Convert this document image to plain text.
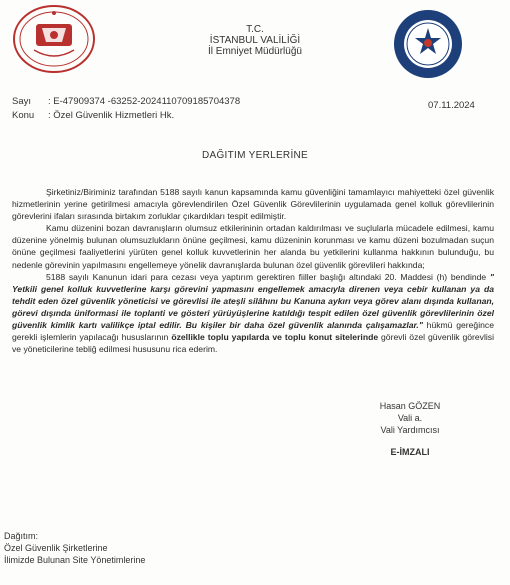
T.C.
İSTANBUL VALİLİĞİ
İl Emniyet Müdürlüğü
Sayı : E-47909374 -63252-2024110709185704378
Konu : Özel Güvenlik Hizmetleri Hk.
07.11.2024
DAĞITIM YERLERİNE

Şirketiniz/Biriminiz tarafından 5188 sayılı kanun kapsamında kamu güvenliğini tamamlayıcı mahiyetteki özel güvenlik hizmetlerinin yerine getirilmesi amacıyla görevlendirilen Özel Güvenlik Görevlilerinin uygulamada genel kolluk görevlilerinin görevlerini ifaları sırasında birtakım zorluklar çıkardıkları tespit edilmiştir.

Kamu düzenini bozan davranışların olumsuz etkilerininin ortadan kaldırılması ve suçlularla mücadele edilmesi, kamu düzenine yönelmiş bulunan olumsuzlukların önüne geçilmesi, kamu düzeninin korunması ve kamu düzeni bozulmadan suçun önüne geçilmesi faaliyetlerini yürüten genel kolluk kuvvetlerinin her alanda bu yetkilerini kullanma hakkının bulunduğu, bu nedenle görevinin yapılmasını engellemeye yönelik davranışlarda bulunan özel güvenlik görevlileri hakkında;

5188 sayılı Kanunun idari para cezası veya yaptırım gerektiren fiiller başlığı altındaki 20. Maddesi (h) bendinde " Yetkili genel kolluk kuvvetlerine karşı görevini yapmasını engellemek amacıyla direnen veya cebir kullanan ya da tehdit eden özel güvenlik yöneticisi ve görevlisi ile ateşli silâhını bu Kanuna aykırı veya görev alanı dışında kullanan, görevi dışında üniformasi ile toplanti ve gösteri yürüyüşlerine katıldığı tespit edilen özel güvenlik görevlilerinin özel güvenlik kimlik kartı valilikçe iptal edilir. Bu kişiler bir daha özel güvenlik alanında çalışamazlar." hükmü gereğince gerekli işlemlerin yapılacağı hususlarının özellikle toplu yapılarda ve toplu konut sitelerinde görevli özel güvenlik görevlisi ve yöneticilerine tebliğ edilmesi hususunu rica ederim.

Hasan GÖZEN
Vali a.
Vali Yardımcısı
E-İMZALI
Dağıtım:
Özel Güvenlik Şirketlerine
İlimizde Bulunan Site Yönetimlerine
